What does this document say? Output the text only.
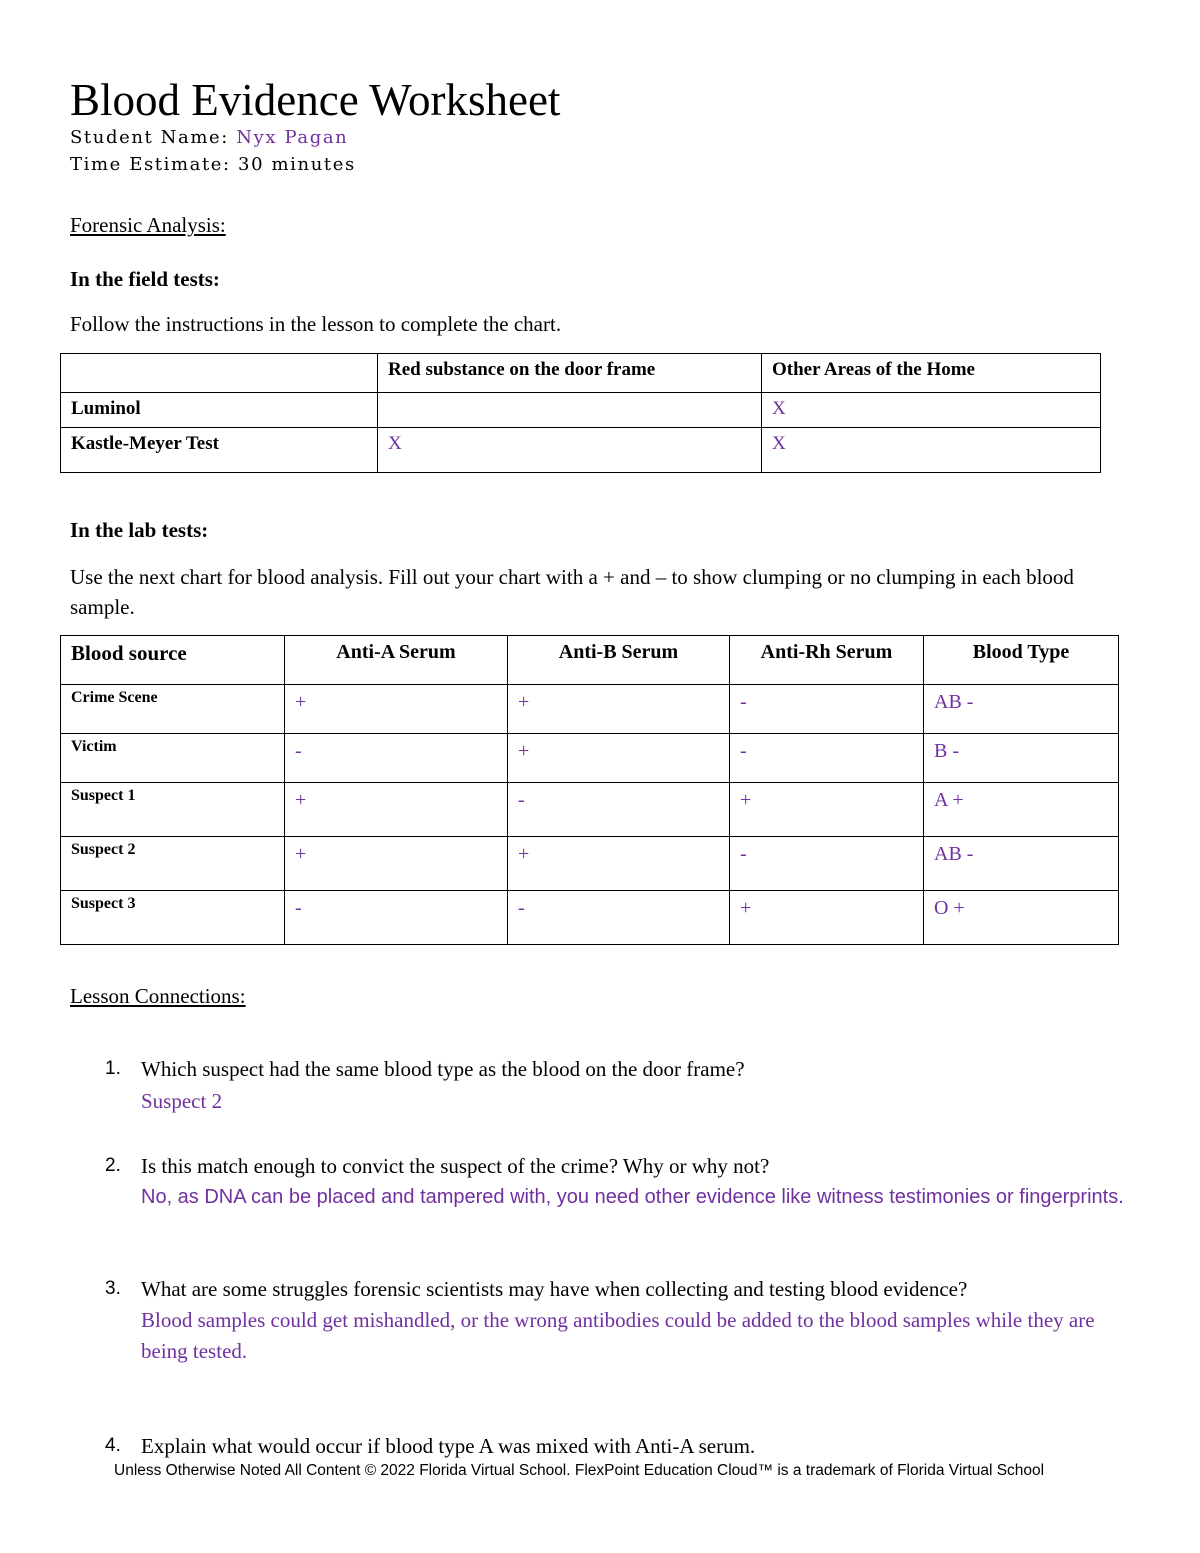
Blood Evidence Worksheet
Student Name: Nyx Pagan
Time Estimate: 30 minutes
Forensic Analysis:
In the field tests:
Follow the instructions in the lesson to complete the chart.
	Red substance on the door frame	Other Areas of the Home
Luminol		X
Kastle-Meyer Test	X	X
In the lab tests:
Use the next chart for blood analysis. Fill out your chart with a + and – to show clumping or no clumping in each blood sample.
Blood source	Anti-A Serum	Anti-B Serum	Anti-Rh Serum	Blood Type
Crime Scene	+	+	-	AB -
Victim	-	+	-	B -
Suspect 1	+	-	+	A +
Suspect 2	+	+	-	AB -
Suspect 3	-	-	+	O +
Lesson Connections:
1. Which suspect had the same blood type as the blood on the door frame?
Suspect 2
2. Is this match enough to convict the suspect of the crime? Why or why not?
No, as DNA can be placed and tampered with, you need other evidence like witness testimonies or fingerprints.
3. What are some struggles forensic scientists may have when collecting and testing blood evidence?
Blood samples could get mishandled, or the wrong antibodies could be added to the blood samples while they are being tested.
4. Explain what would occur if blood type A was mixed with Anti-A serum.
Unless Otherwise Noted All Content © 2022 Florida Virtual School. FlexPoint Education Cloud™ is a trademark of Florida Virtual School
